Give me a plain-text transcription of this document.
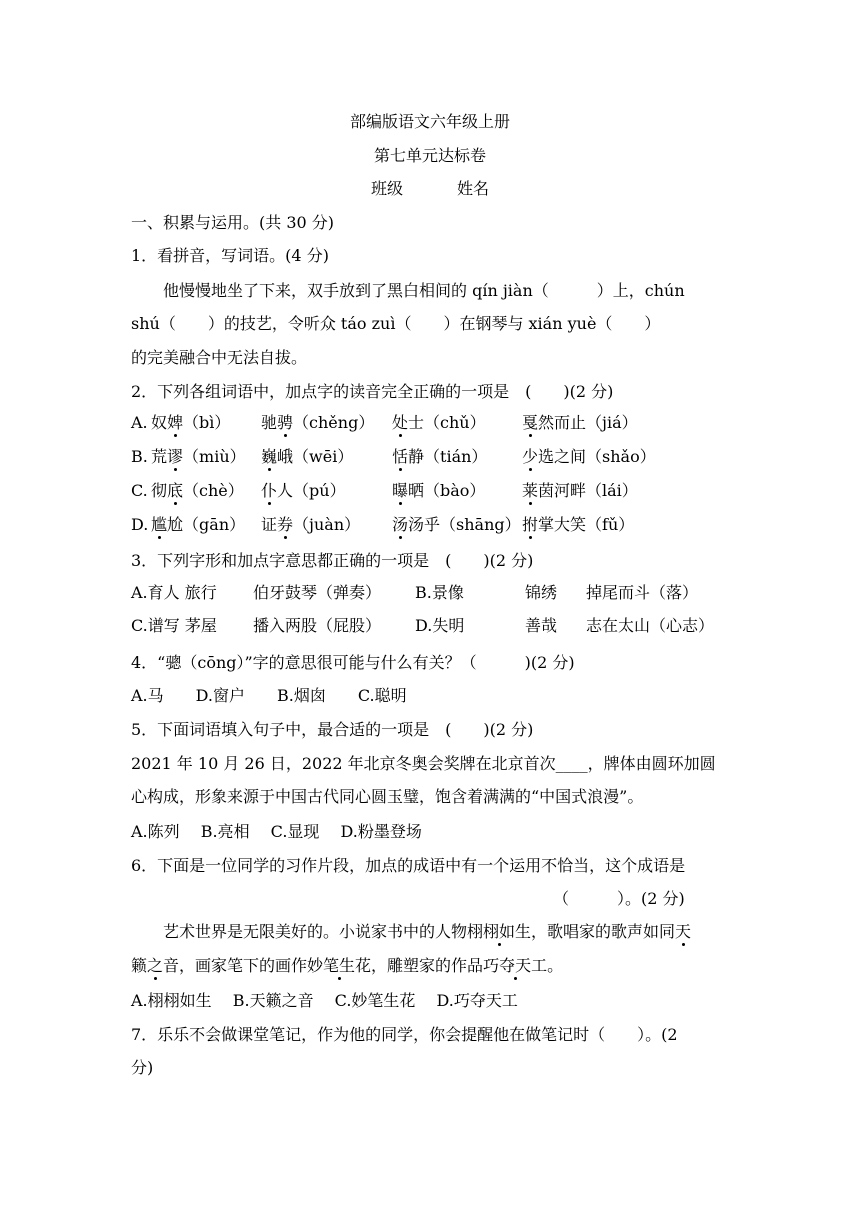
部编版语文六年级上册
第七单元达标卷
班级	姓名
一、积累与运用。(共 30 分)
1．看拼音，写词语。(4 分)
他慢慢地坐了下来，双手放到了黑白相间的 qín jiàn（　　　）上，chún
shú（　　）的技艺，令听众 táo zuì（　　）在钢琴与 xián yuè（　　）
的完美融合中无法自拔。
2．下列各组词语中，加点字的读音完全正确的一项是　(　　)(2 分)
A. 奴婢（bì） 驰骋（chěng） 处士（chǔ） 戛然而止（jiá）
B. 荒谬（miù） 巍峨（wēi） 恬静（tián） 少选之间（shǎo）
C. 彻底（chè） 仆人（pú）	曝晒（bào） 莱茵河畔（lái）
D. 尴尬（gān） 证券（juàn） 汤汤乎（shāng） 拊掌大笑（fǔ）
3．下列字形和加点字意思都正确的一项是　(　　)(2 分)
A.育人 旅行 伯牙鼓琴（弹奏） B.景像	锦绣 掉尾而斗（落）
C.谱写 茅屋 播入两股（屁股） D.失明	善哉 志在太山（心志）
4．“骢（cōng）”字的意思很可能与什么有关？（　　　)(2 分)
A.马　　D.窗户　　B.烟囱　　C.聪明
5．下面词语填入句子中，最合适的一项是　(　　)(2 分)
2021 年 10 月 26 日，2022 年北京冬奥会奖牌在北京首次____，牌体由圆环加圆
心构成，形象来源于中国古代同心圆玉璧，饱含着满满的“中国式浪漫”。
A.陈列　 B.亮相　 C.显现　 D.粉墨登场
6．下面是一位同学的习作片段，加点的成语中有一个运用不恰当，这个成语是
（　　　）。(2 分)
艺术世界是无限美好的。小说家书中的人物栩栩如生，歌唱家的歌声如同天
籁之音，画家笔下的画作妙笔生花，雕塑家的作品巧夺天工。
A.栩栩如生　 B.天籁之音　 C.妙笔生花　 D.巧夺天工
7．乐乐不会做课堂笔记，作为他的同学，你会提醒他在做笔记时（　　）。(2
分)
